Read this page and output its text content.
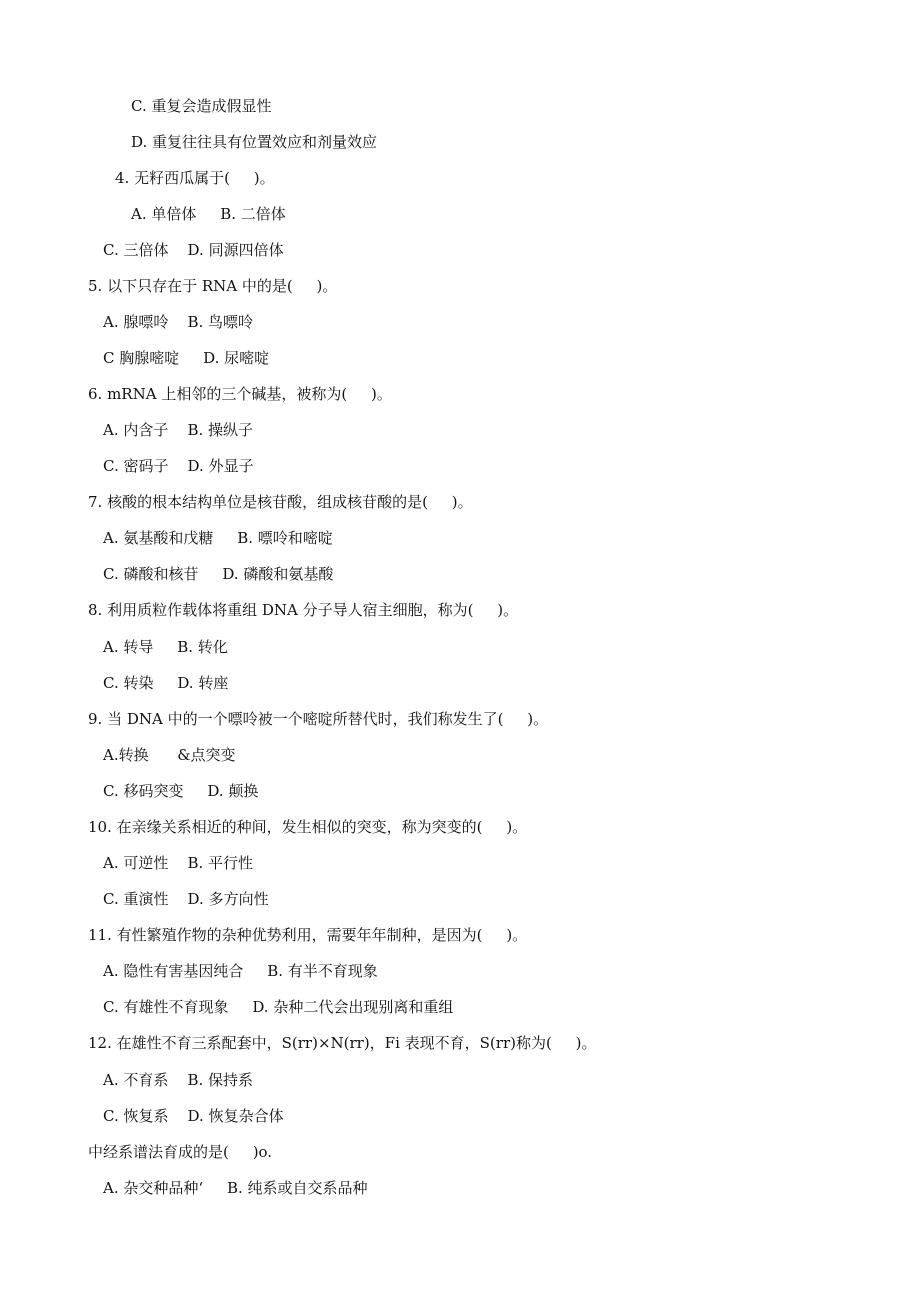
C. 重复会造成假显性
D. 重复往往具有位置效应和剂量效应
4. 无籽西瓜属于(     )。
A. 单倍体     B. 二倍体
C. 三倍体    D. 同源四倍体
5. 以下只存在于 RNA 中的是(     )。
A. 腺嘌呤    B. 鸟嘌呤
C 胸腺嘧啶     D. 尿嘧啶
6. mRNA 上相邻的三个碱基，被称为(     )。
A. 内含子    B. 操纵子
C. 密码子    D. 外显子
7. 核酸的根本结构单位是核苷酸，组成核苷酸的是(     )。
A. 氨基酸和戊糖     B. 嘌呤和嘧啶
C. 磷酸和核苷     D. 磷酸和氨基酸
8. 利用质粒作载体将重组 DNA 分子导人宿主细胞，称为(     )。
A. 转导     B. 转化
C. 转染     D. 转座
9. 当 DNA 中的一个嘌呤被一个嘧啶所替代时，我们称发生了(     )。
A.转换      &点突变
C. 移码突变     D. 颠换
10. 在亲缘关系相近的种间，发生相似的突变，称为突变的(     )。
A. 可逆性    B. 平行性
C. 重演性    D. 多方向性
11. 有性繁殖作物的杂种优势利用，需要年年制种，是因为(     )。
A. 隐性有害基因纯合     B. 有半不育现象
C. 有雄性不育现象     D. 杂种二代会出现别离和重组
12. 在雄性不育三系配套中，S(rr)×N(rr)，Fi 表现不育，S(rr)称为(     )。
A. 不育系    B. 保持系
C. 恢复系    D. 恢复杂合体
中经系谱法育成的是(     )o.
A. 杂交种品种‘     B. 纯系或自交系品种
